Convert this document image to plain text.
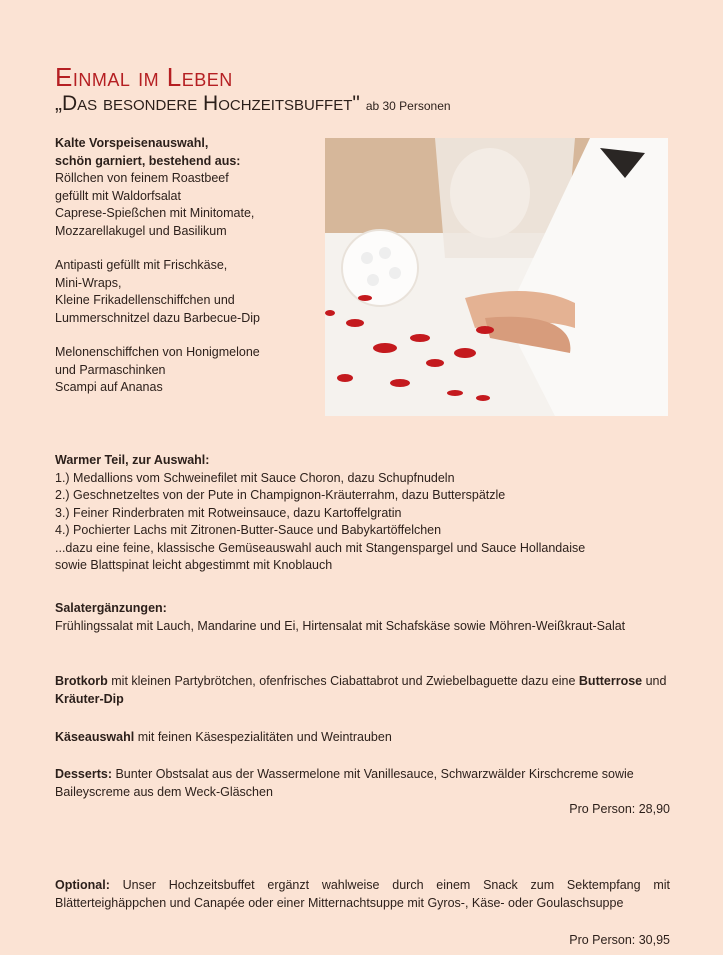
Einmal im Leben
„Das besondere Hochzeitsbuffet" ab 30 Personen

Kalte Vorspeisenauswahl,

schön garniert, bestehend aus:

Röllchen von feinem Roastbeef

gefüllt mit Waldorfsalat

Caprese-Spießchen mit Minitomate,

Mozzarellakugel und Basilikum

Antipasti gefüllt mit Frischkäse,

Mini-Wraps,

Kleine Frikadellenschiffchen und

Lummerschnitzel dazu Barbecue-Dip

Melonenschiffchen von Honigmelone

und Parmaschinken

Scampi auf Ananas

Warmer Teil, zur Auswahl:

1.) Medallions vom Schweinefilet mit Sauce Choron, dazu Schupfnudeln

2.) Geschnetzeltes von der Pute in Champignon-Kräuterrahm, dazu Butterspätzle

3.) Feiner Rinderbraten mit Rotweinsauce, dazu Kartoffelgratin

4.) Pochierter Lachs mit Zitronen-Butter-Sauce und Babykartöffelchen

...dazu eine feine, klassische Gemüseauswahl auch mit Stangenspargel und Sauce Hollandaise

sowie Blattspinat leicht abgestimmt mit Knoblauch

Salatergänzungen:

Frühlingssalat mit Lauch, Mandarine und Ei, Hirtensalat mit Schafskäse sowie Möhren-Weißkraut-Salat

Brotkorb mit kleinen Partybrötchen, ofenfrisches Ciabattabrot und Zwiebelbaguette dazu eine Butterrose und Kräuter-Dip

Käseauswahl mit feinen Käsespezialitäten und Weintrauben

Desserts: Bunter Obstsalat aus der Wassermelone mit Vanillesauce, Schwarzwälder Kirschcreme sowie Baileyscreme aus dem Weck-Gläschen

Pro Person: 28,90

Optional: Unser Hochzeitsbuffet ergänzt wahlweise durch einem Snack zum Sektempfang mit Blätterteighäppchen und Canapée oder einer Mitternachtsuppe mit Gyros-, Käse- oder Goulaschsuppe

Pro Person: 30,95
